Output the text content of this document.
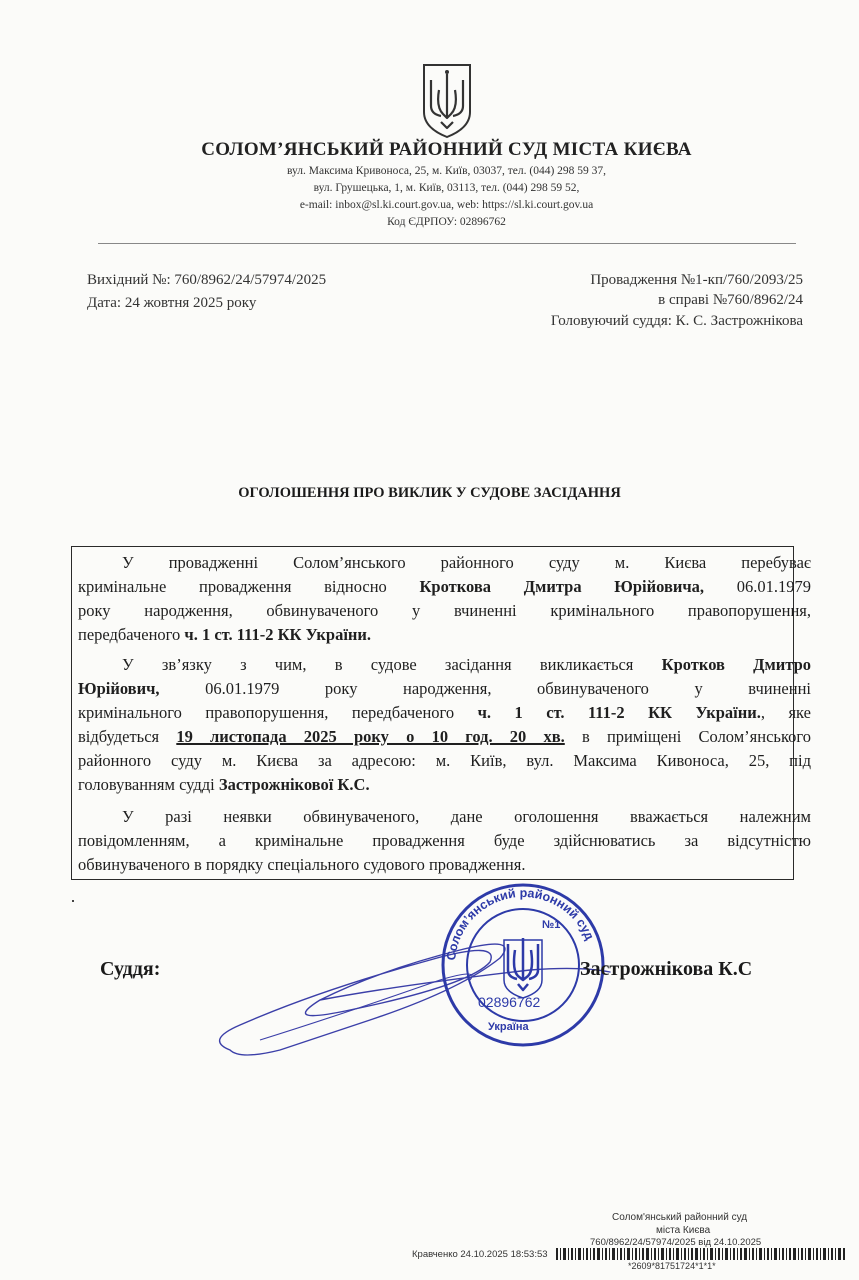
СОЛОМ’ЯНСЬКИЙ РАЙОННИЙ СУД МІСТА КИЄВА
вул. Максима Кривоноса, 25, м. Київ, 03037, тел. (044) 298 59 37,
вул. Грушецька, 1, м. Київ, 03113, тел. (044) 298 59 52,
e-mail: inbox@sl.ki.court.gov.ua, web: https://sl.ki.court.gov.ua
Код ЄДРПОУ: 02896762
Вихідний №: 760/8962/24/57974/2025
Дата: 24 жовтня 2025 року
Провадження №1-кп/760/2093/25
в справі №760/8962/24
Головуючий суддя: К. С. Застрожнікова
ОГОЛОШЕННЯ ПРО ВИКЛИК У СУДОВЕ ЗАСІДАННЯ
У провадженні Солом’янського районного суду м. Києва перебуває
кримінальне провадження відносно Кроткова Дмитра Юрійовича, 06.01.1979
року народження, обвинуваченого у вчиненні кримінального правопорушення,
передбаченого ч. 1 ст. 111-2 КК України.
У зв’язку з чим, в судове засідання викликається Кротков Дмитро
Юрійович, 06.01.1979 року народження, обвинуваченого у вчиненні
кримінального правопорушення, передбаченого ч. 1 ст. 111-2 КК України., яке
відбудеться 19 листопада 2025 року о 10 год. 20 хв. в приміщені Солом’янського
районного суду м. Києва за адресою: м. Київ, вул. Максима Кивоноса, 25, під
головуванням судді Застрожнікової К.С.
У разі неявки обвинуваченого, дане оголошення вважається належним
повідомленням, а кримінальне провадження буде здійснюватись за відсутністю
обвинуваченого в порядку спеціального судового провадження.
Суддя:
Солом’янський районний суд
№1
02896762
Україна
Застрожнікова К.С
Солом'янський районний суд
міста Києва
760/8962/24/57974/2025 від 24.10.2025
Кравченко 24.10.2025 18:53:53
*2609*81751724*1*1*
